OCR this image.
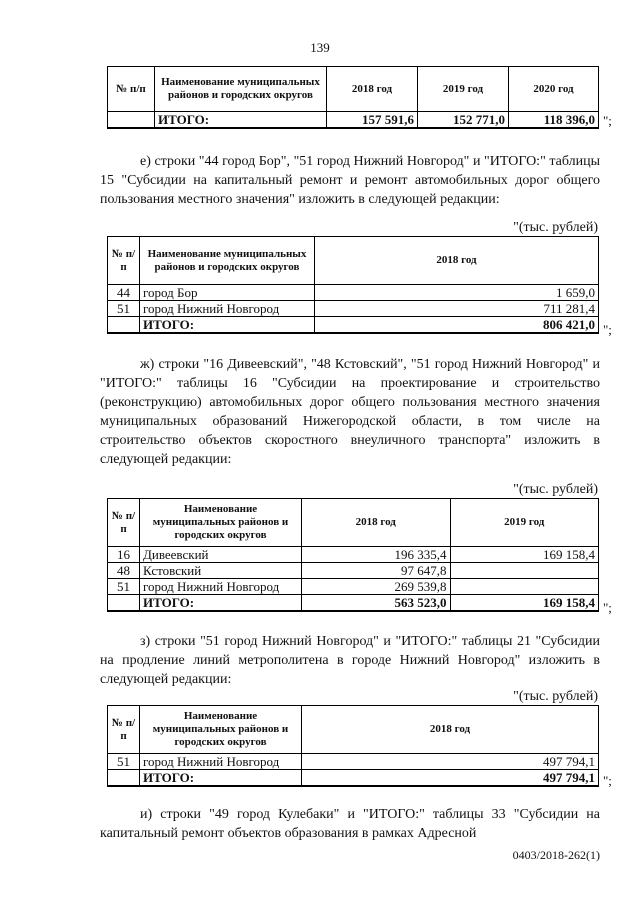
139
№ п/п	Наименование муниципальных районов и городских округов	2018 год	2019 год	2020 год
	ИТОГО:	157 591,6	152 771,0	118 396,0 ";

е) строки "44 город Бор", "51 город Нижний Новгород" и "ИТОГО:" таблицы 15 "Субсидии на капитальный ремонт и ремонт автомобильных дорог общего пользования местного значения" изложить в следующей редакции:

"(тыс. рублей)
№ п/п	Наименование муниципальных районов и городских округов	2018 год
44	город Бор	1 659,0
51	город Нижний Новгород	711 281,4
	ИТОГО:	806 421,0 ";

ж) строки "16 Дивеевский", "48 Кстовский", "51 город Нижний Новгород" и "ИТОГО:" таблицы 16 "Субсидии на проектирование и строительство (реконструкцию) автомобильных дорог общего пользования местного значения муниципальных образований Нижегородской области, в том числе на строительство объектов скоростного внеуличного транспорта" изложить в следующей редакции:

"(тыс. рублей)
№ п/п	Наименование муниципальных районов и городских округов	2018 год	2019 год
16	Дивеевский	196 335,4	169 158,4
48	Кстовский	97 647,8	
51	город Нижний Новгород	269 539,8	
	ИТОГО:	563 523,0	169 158,4 ";

з) строки "51 город Нижний Новгород" и "ИТОГО:" таблицы 21 "Субсидии на продление линий метрополитена в городе Нижний Новгород" изложить в следующей редакции:

"(тыс. рублей)
№ п/п	Наименование муниципальных районов и городских округов	2018 год
51	город Нижний Новгород	497 794,1
	ИТОГО:	497 794,1 ";

и) строки "49 город Кулебаки" и "ИТОГО:" таблицы 33 "Субсидии на капитальный ремонт объектов образования в рамках Адресной

0403/2018-262(1)
